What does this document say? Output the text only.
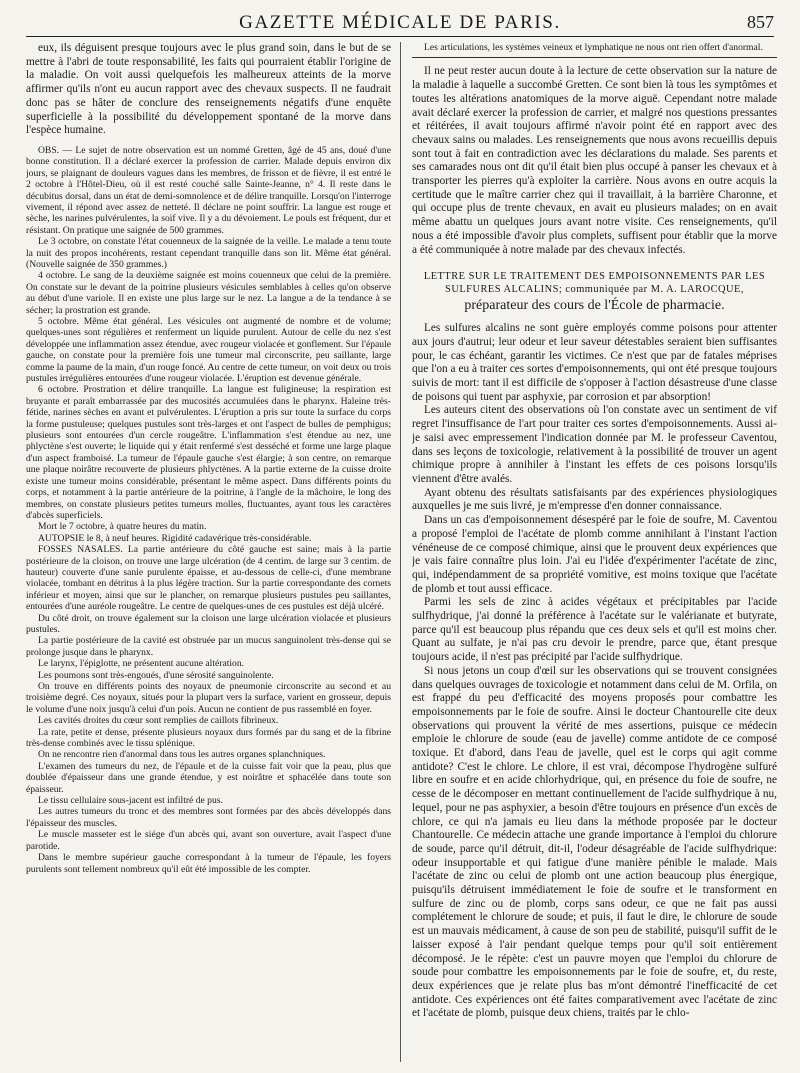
GAZETTE MÉDICALE DE PARIS.	857

eux, ils déguisent presque toujours avec le plus grand soin, dans le but de se mettre à l'abri de toute responsabilité, les faits qui pourraient établir l'origine de la maladie. On voit aussi quelquefois les malheureux atteints de la morve affirmer qu'ils n'ont eu aucun rapport avec des chevaux suspects. Il ne faudrait donc pas se hâter de conclure des renseignements négatifs d'une enquête superficielle à la possibilité du développement spontané de la morve dans l'espèce humaine.

OBS. — Le sujet de notre observation est un nommé Gretten, âgé de 45 ans, doué d'une bonne constitution. Il a déclaré exercer la profession de carrier. Malade depuis environ dix jours, se plaignant de douleurs vagues dans les membres, de frisson et de fièvre, il est entré le 2 octobre à l'Hôtel-Dieu, où il est resté couché salle Sainte-Jeanne, n° 4. Il reste dans le décubitus dorsal, dans un état de demi-somnolence et de délire tranquille. Lorsqu'on l'interroge vivement, il répond avec assez de netteté. Il déclare ne point souffrir. La langue est rouge et sèche, les narines pulvérulentes, la soif vive. Il y a du dévoiement. Le pouls est fréquent, dur et résistant. On pratique une saignée de 500 grammes.

Le 3 octobre, on constate l'état couenneux de la saignée de la veille. Le malade a tenu toute la nuit des propos incohérents, restant cependant tranquille dans son lit. Même état général. (Nouvelle saignée de 350 grammes.)

4 octobre. Le sang de la deuxième saignée est moins couenneux que celui de la première. On constate sur le devant de la poitrine plusieurs vésicules semblables à celles qu'on observe au début d'une variole. Il en existe une plus large sur le nez. La langue a de la tendance à se sécher; la prostration est grande.

5 octobre. Même état général. Les vésicules ont augmenté de nombre et de volume; quelques-unes sont régulières et renferment un liquide purulent. Autour de celle du nez s'est développée une inflammation assez étendue, avec rougeur violacée et gonflement. Sur l'épaule gauche, on constate pour la première fois une tumeur mal circonscrite, peu saillante, large comme la paume de la main, d'un rouge foncé. Au centre de cette tumeur, on voit deux ou trois pustules irrégulières entourées d'une rougeur violacée. L'éruption est devenue générale.

6 octobre. Prostration et délire tranquille. La langue est fuligineuse; la respiration est bruyante et paraît embarrassée par des mucosités accumulées dans le pharynx. Haleine très-fétide, narines sèches en avant et pulvérulentes. L'éruption a pris sur toute la surface du corps la forme pustuleuse; quelques pustules sont très-larges et ont l'aspect de bulles de pemphigus; plusieurs sont entourées d'un cercle rougeâtre. L'inflammation s'est étendue au nez, une phlyctène s'est ouverte; le liquide qui y était renfermé s'est desséché et forme une large plaque d'un aspect framboisé. La tumeur de l'épaule gauche s'est élargie; à son centre, on remarque une plaque noirâtre recouverte de plusieurs phlyctènes. A la partie externe de la cuisse droite existe une tumeur moins considérable, présentant le même aspect. Dans différents points du corps, et notamment à la partie antérieure de la poitrine, à l'angle de la mâchoire, le long des membres, on constate plusieurs petites tumeurs molles, fluctuantes, ayant tous les caractères d'abcès superficiels.

Mort le 7 octobre, à quatre heures du matin.

AUTOPSIE le 8, à neuf heures. Rigidité cadavérique très-considérable.

FOSSES NASALES. La partie antérieure du côté gauche est saine; mais à la partie postérieure de la cloison, on trouve une large ulcération (de 4 centim. de large sur 3 centim. de hauteur) couverte d'une sanie purulente épaisse, et au-dessous de celle-ci, d'une membrane violacée, tombant en détritus à la plus légère traction. Sur la partie correspondante des cornets inférieur et moyen, ainsi que sur le plancher, on remarque plusieurs pustules peu saillantes, entourées d'une auréole rougeâtre. Le centre de quelques-unes de ces pustules est déjà ulcéré.

Du côté droit, on trouve également sur la cloison une large ulcération violacée et plusieurs pustules.

La partie postérieure de la cavité est obstruée par un mucus sanguinolent très-dense qui se prolonge jusque dans le pharynx.

Le larynx, l'épiglotte, ne présentent aucune altération.

Les poumons sont très-engoués, d'une sérosité sanguinolente.

On trouve en différents points des noyaux de pneumonie circonscrite au second et au troisième degré. Ces noyaux, situés pour la plupart vers la surface, varient en grosseur, depuis le volume d'une noix jusqu'à celui d'un pois. Aucun ne contient de pus rassemblé en foyer.

Les cavités droites du cœur sont remplies de caillots fibrineux.

La rate, petite et dense, présente plusieurs noyaux durs formés par du sang et de la fibrine très-dense combinés avec le tissu splénique.

On ne rencontre rien d'anormal dans tous les autres organes splanchniques.

L'examen des tumeurs du nez, de l'épaule et de la cuisse fait voir que la peau, plus que doublée d'épaisseur dans une grande étendue, y est noirâtre et sphacélée dans toute son épaisseur.

Le tissu cellulaire sous-jacent est infiltré de pus.

Les autres tumeurs du tronc et des membres sont formées par des abcès développés dans l'épaisseur des muscles.

Le muscle masseter est le siége d'un abcès qui, avant son ouverture, avait l'aspect d'une parotide.

Dans le membre supérieur gauche correspondant à la tumeur de l'épaule, les foyers purulents sont tellement nombreux qu'il eût été impossible de les compter.

Les articulations, les systèmes veineux et lymphatique ne nous ont rien offert d'anormal.

Il ne peut rester aucun doute à la lecture de cette observation sur la nature de la maladie à laquelle a succombé Gretten. Ce sont bien là tous les symptômes et toutes les altérations anatomiques de la morve aiguë. Cependant notre malade avait déclaré exercer la profession de carrier, et malgré nos questions pressantes et réitérées, il avait toujours affirmé n'avoir point été en rapport avec des chevaux sains ou malades. Les renseignements que nous avons recueillis depuis sont tout à fait en contradiction avec les déclarations du malade. Ses parents et ses camarades nous ont dit qu'il était bien plus occupé à panser les chevaux et à transporter les pierres qu'à exploiter la carrière. Nous avons en outre acquis la certitude que le maître carrier chez qui il travaillait, à la barrière Charonne, et qui occupe plus de trente chevaux, en avait eu plusieurs malades; on en avait même abattu un quelques jours avant notre visite. Ces renseignements, qu'il nous a été impossible d'avoir plus complets, suffisent pour établir que la morve a été communiquée à notre malade par des chevaux infectés.

LETTRE SUR LE TRAITEMENT DES EMPOISONNEMENTS PAR LES SULFURES ALCALINS; communiquée par M. A. LAROCQUE,
préparateur des cours de l'École de pharmacie.

Les sulfures alcalins ne sont guère employés comme poisons pour attenter aux jours d'autrui; leur odeur et leur saveur détestables seraient bien suffisantes pour, le cas échéant, garantir les victimes. Ce n'est que par de fatales méprises que l'on a eu à traiter ces sortes d'empoisonnements, qui ont été presque toujours suivis de mort: tant il est difficile de s'opposer à l'action désastreuse d'une classe de poisons qui tuent par asphyxie, par corrosion et par absorption!

Les auteurs citent des observations où l'on constate avec un sentiment de vif regret l'insuffisance de l'art pour traiter ces sortes d'empoisonnements. Aussi ai-je saisi avec empressement l'indication donnée par M. le professeur Caventou, dans ses leçons de toxicologie, relativement à la possibilité de trouver un agent chimique propre à annihiler à l'instant les effets de ces poisons lorsqu'ils viennent d'être avalés.

Ayant obtenu des résultats satisfaisants par des expériences physiologiques auxquelles je me suis livré, je m'empresse d'en donner connaissance.

Dans un cas d'empoisonnement désespéré par le foie de soufre, M. Caventou a proposé l'emploi de l'acétate de plomb comme annihilant à l'instant l'action vénéneuse de ce composé chimique, ainsi que le prouvent deux expériences que je vais faire connaître plus loin. J'ai eu l'idée d'expérimenter l'acétate de zinc, qui, indépendamment de sa propriété vomitive, est moins toxique que l'acétate de plomb et tout aussi efficace.

Parmi les sels de zinc à acides végétaux et précipitables par l'acide sulfhydrique, j'ai donné la préférence à l'acétate sur le valérianate et butyrate, parce qu'il est beaucoup plus répandu que ces deux sels et qu'il est moins cher. Quant au sulfate, je n'ai pas cru devoir le prendre, parce que, étant presque toujours acide, il n'est pas précipité par l'acide sulfhydrique.

Si nous jetons un coup d'œil sur les observations qui se trouvent consignées dans quelques ouvrages de toxicologie et notamment dans celui de M. Orfila, on est frappé du peu d'efficacité des moyens proposés pour combattre les empoisonnements par le foie de soufre. Ainsi le docteur Chantourelle cite deux observations qui prouvent la vérité de mes assertions, puisque ce médecin emploie le chlorure de soude (eau de javelle) comme antidote de ce composé toxique. Et d'abord, dans l'eau de javelle, quel est le corps qui agit comme antidote? C'est le chlore. Le chlore, il est vrai, décompose l'hydrogène sulfuré libre en soufre et en acide chlorhydrique, qui, en présence du foie de soufre, ne cesse de le décomposer en mettant continuellement de l'acide sulfhydrique à nu, lequel, pour ne pas asphyxier, a besoin d'être toujours en présence d'un excès de chlore, ce qui n'a jamais eu lieu dans la méthode proposée par le docteur Chantourelle. Ce médecin attache une grande importance à l'emploi du chlorure de soude, parce qu'il détruit, dit-il, l'odeur désagréable de l'acide sulfhydrique: odeur insupportable et qui fatigue d'une manière pénible le malade. Mais l'acétate de zinc ou celui de plomb ont une action beaucoup plus énergique, puisqu'ils détruisent immédiatement le foie de soufre et le transforment en sulfure de zinc ou de plomb, corps sans odeur, ce que ne fait pas aussi complétement le chlorure de soude; et puis, il faut le dire, le chlorure de soude est un mauvais médicament, à cause de son peu de stabilité, puisqu'il suffit de le laisser exposé à l'air pendant quelque temps pour qu'il soit entièrement décomposé. Je le répète: c'est un pauvre moyen que l'emploi du chlorure de soude pour combattre les empoisonnements par le foie de soufre, et, du reste, deux expériences que je relate plus bas m'ont démontré l'inefficacité de cet antidote. Ces expériences ont été faites comparativement avec l'acétate de zinc et l'acétate de plomb, puisque deux chiens, traités par le chlo-
